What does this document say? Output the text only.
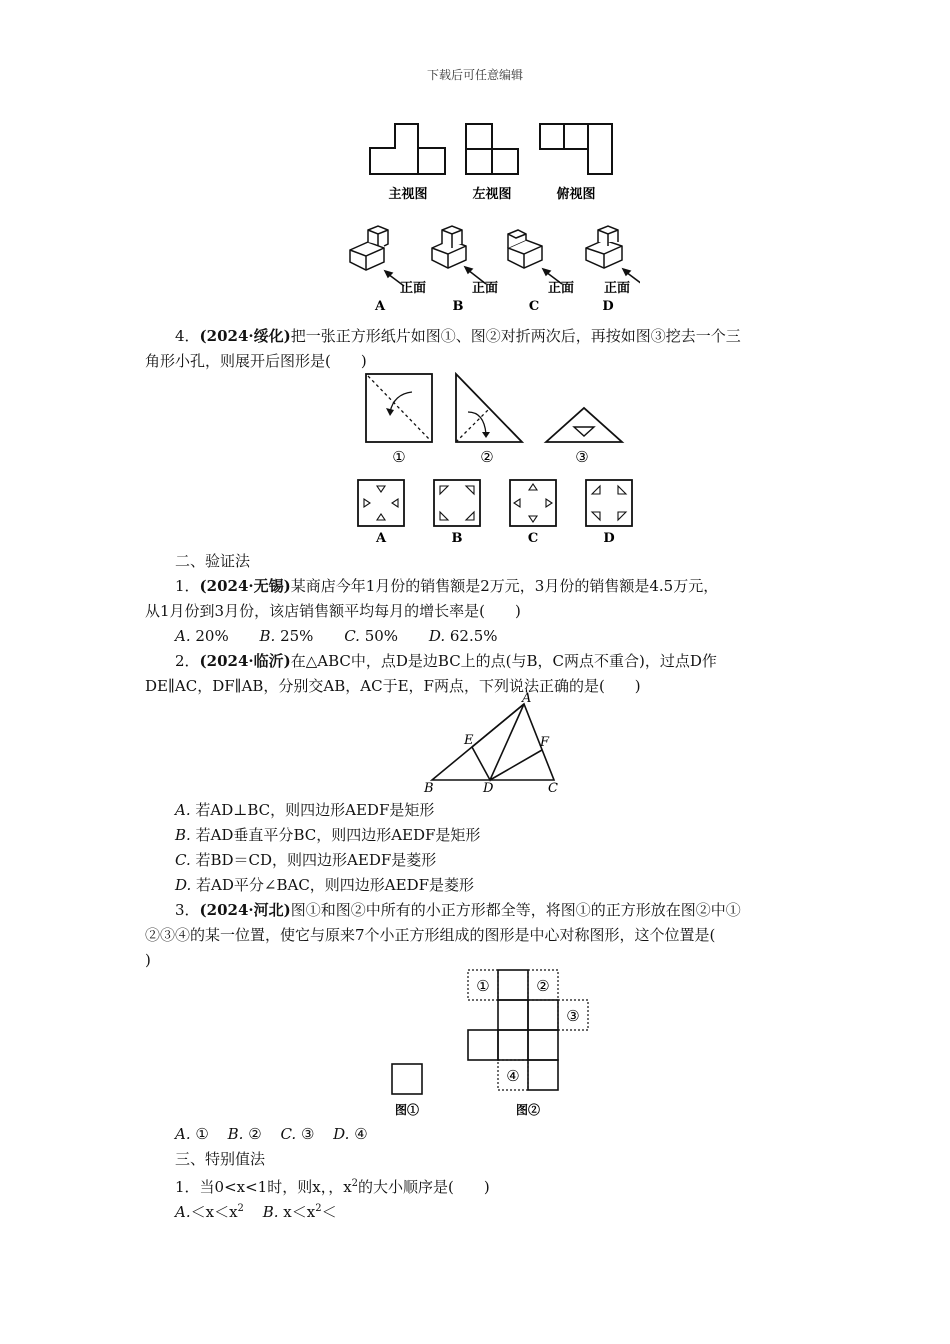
下载后可任意编辑
主视图	左视图	俯视图
正面	正面	正面 正面
A	B	C	D
4．(2024·绥化)把一张正方形纸片如图①、图②对折两次后，再按如图③挖去一个三
角形小孔，则展开后图形是(　　)
①	②	③
A	B	C	D
二、验证法
1．(2024·无锡)某商店今年1月份的销售额是2万元，3月份的销售额是4.5万元，
从1月份到3月份，该店销售额平均每月的增长率是(　　)
A. 20% B. 25% C. 50% D. 62.5%
2．(2024·临沂)在△ABC中，点D是边BC上的点(与B，C两点不重合)，过点D作
DE∥AC，DF∥AB，分别交AB，AC于E，F两点，下列说法正确的是(　　)
A
E	F
B	D	C
A. 若AD⊥BC，则四边形AEDF是矩形
B. 若AD垂直平分BC，则四边形AEDF是矩形
C. 若BD＝CD，则四边形AEDF是菱形
D. 若AD平分∠BAC，则四边形AEDF是菱形
3．(2024·河北)图①和图②中所有的小正方形都全等，将图①的正方形放在图②中①
②③④的某一位置，使它与原来7个小正方形组成的图形是中心对称图形，这个位置是(
)
①	②
③
④
图①	图②
A. ① B. ② C. ③ D. ④
三、特别值法
1．当0<x<1时，则x，，$x^2$的大小顺序是(　　)
$A.<x<x^2$ B. $x<x^2<$
